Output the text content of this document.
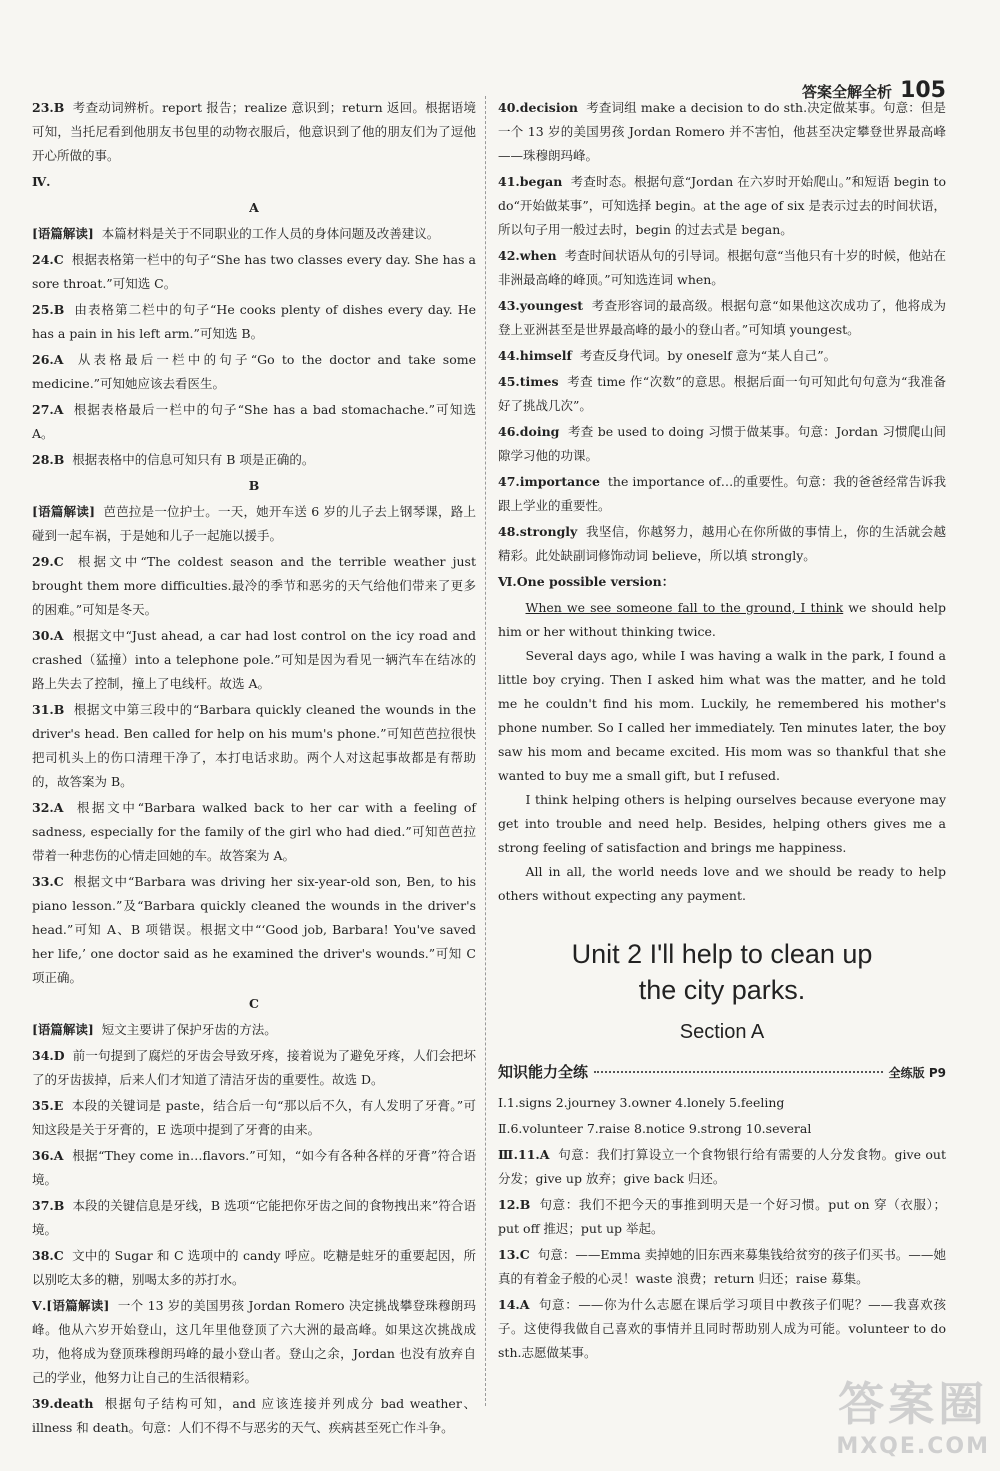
答案全解全析 105
23.B 考查动词辨析。report 报告；realize 意识到；return 返回。根据语境可知，当托尼看到他朋友书包里的动物衣服后，他意识到了他的朋友们为了逗他开心所做的事。
Ⅳ.
A
[语篇解读] 本篇材料是关于不同职业的工作人员的身体问题及改善建议。
24.C 根据表格第一栏中的句子“She has two classes every day. She has a sore throat.”可知选 C。
25.B 由表格第二栏中的句子“He cooks plenty of dishes every day. He has a pain in his left arm.”可知选 B。
26.A 从表格最后一栏中的句子“Go to the doctor and take some medicine.”可知她应该去看医生。
27.A 根据表格最后一栏中的句子“She has a bad stomachache.”可知选 A。
28.B 根据表格中的信息可知只有 B 项是正确的。
B
[语篇解读] 芭芭拉是一位护士。一天，她开车送 6 岁的儿子去上钢琴课，路上碰到一起车祸，于是她和儿子一起施以援手。
29.C 根据文中“The coldest season and the terrible weather just brought them more difficulties.最冷的季节和恶劣的天气给他们带来了更多的困难。”可知是冬天。
30.A 根据文中“Just ahead, a car had lost control on the icy road and crashed（猛撞）into a telephone pole.”可知是因为看见一辆汽车在结冰的路上失去了控制，撞上了电线杆。故选 A。
31.B 根据文中第三段中的“Barbara quickly cleaned the wounds in the driver's head. Ben called for help on his mum's phone.”可知芭芭拉很快把司机头上的伤口清理干净了，本打电话求助。两个人对这起事故都是有帮助的，故答案为 B。
32.A 根据文中“Barbara walked back to her car with a feeling of sadness, especially for the family of the girl who had died.”可知芭芭拉带着一种悲伤的心情走回她的车。故答案为 A。
33.C 根据文中“Barbara was driving her six-year-old son, Ben, to his piano lesson.”及“Barbara quickly cleaned the wounds in the driver's head.”可知 A、B 项错误。根据文中“‘Good job, Barbara! You've saved her life,’ one doctor said as he examined the driver's wounds.”可知 C 项正确。
C
[语篇解读] 短文主要讲了保护牙齿的方法。
34.D 前一句提到了腐烂的牙齿会导致牙疼，接着说为了避免牙疼，人们会把坏了的牙齿拔掉，后来人们才知道了清洁牙齿的重要性。故选 D。
35.E 本段的关键词是 paste，结合后一句“那以后不久，有人发明了牙膏。”可知这段是关于牙膏的，E 选项中提到了牙膏的由来。
36.A 根据“They come in…flavors.”可知，“如今有各种各样的牙膏”符合语境。
37.B 本段的关键信息是牙线，B 选项“它能把你牙齿之间的食物拽出来”符合语境。
38.C 文中的 Sugar 和 C 选项中的 candy 呼应。吃糖是蛀牙的重要起因，所以别吃太多的糖，别喝太多的苏打水。
Ⅴ.[语篇解读] 一个 13 岁的美国男孩 Jordan Romero 决定挑战攀登珠穆朗玛峰。他从六岁开始登山，这几年里他登顶了六大洲的最高峰。如果这次挑战成功，他将成为登顶珠穆朗玛峰的最小登山者。登山之余，Jordan 也没有放弃自己的学业，他努力让自己的生活很精彩。
39.death 根据句子结构可知，and 应该连接并列成分 bad weather、illness 和 death。句意：人们不得不与恶劣的天气、疾病甚至死亡作斗争。
40.decision 考查词组 make a decision to do sth.决定做某事。句意：但是一个 13 岁的美国男孩 Jordan Romero 并不害怕，他甚至决定攀登世界最高峰——珠穆朗玛峰。
41.began 考查时态。根据句意“Jordan 在六岁时开始爬山。”和短语 begin to do“开始做某事”，可知选择 begin。at the age of six 是表示过去的时间状语，所以句子用一般过去时，begin 的过去式是 began。
42.when 考查时间状语从句的引导词。根据句意“当他只有十岁的时候，他站在非洲最高峰的峰顶。”可知选连词 when。
43.youngest 考查形容词的最高级。根据句意“如果他这次成功了，他将成为登上亚洲甚至是世界最高峰的最小的登山者。”可知填 youngest。
44.himself 考查反身代词。by oneself 意为“某人自己”。
45.times 考查 time 作“次数”的意思。根据后面一句可知此句句意为“我准备好了挑战几次”。
46.doing 考查 be used to doing 习惯于做某事。句意：Jordan 习惯爬山间隙学习他的功课。
47.importance the importance of…的重要性。句意：我的爸爸经常告诉我跟上学业的重要性。
48.strongly 我坚信，你越努力，越用心在你所做的事情上，你的生活就会越精彩。此处缺副词修饰动词 believe，所以填 strongly。
Ⅵ.One possible version：

When we see someone fall to the ground, I think we should help him or her without thinking twice.

Several days ago, while I was having a walk in the park, I found a little boy crying. Then I asked him what was the matter, and he told me he couldn't find his mom. Luckily, he remembered his mother's phone number. So I called her immediately. Ten minutes later, the boy saw his mom and became excited. His mom was so thankful that she wanted to buy me a small gift, but I refused.

I think helping others is helping ourselves because everyone may get into trouble and need help. Besides, helping others gives me a strong feeling of satisfaction and brings me happiness.

All in all, the world needs love and we should be ready to help others without expecting any payment.

Unit 2 I'll help to clean up
the city parks.
Section A
知识能力全练	全练版 P9
Ⅰ.1.signs 2.journey 3.owner 4.lonely 5.feeling
Ⅱ.6.volunteer 7.raise 8.notice 9.strong 10.several
Ⅲ.11.A 句意：我们打算设立一个食物银行给有需要的人分发食物。give out 分发；give up 放弃；give back 归还。
12.B 句意：我们不把今天的事推到明天是一个好习惯。put on 穿（衣服）；put off 推迟；put up 举起。
13.C 句意：——Emma 卖掉她的旧东西来募集钱给贫穷的孩子们买书。——她真的有着金子般的心灵！waste 浪费；return 归还；raise 募集。
14.A 句意：——你为什么志愿在课后学习项目中教孩子们呢？——我喜欢孩子。这使得我做自己喜欢的事情并且同时帮助别人成为可能。volunteer to do sth.志愿做某事。
答案圈
MXQE.COM
